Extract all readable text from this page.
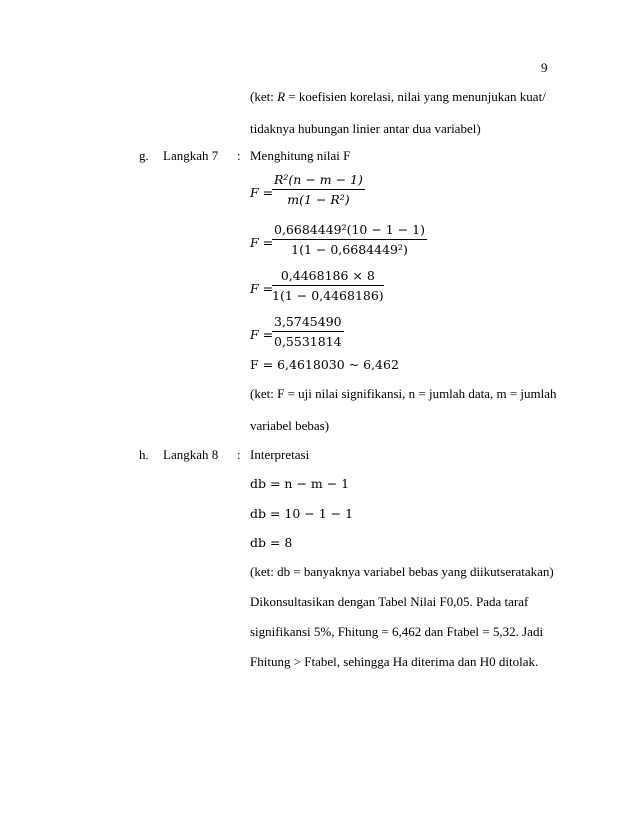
9
(ket: R = koefisien korelasi, nilai yang menunjukan kuat/
tidaknya hubungan linier antar dua variabel)
g. Langkah 7 : Menghitung nilai F
F =
R²(n − m − 1)
m(1 − R²)
F =
0,6684449²(10 − 1 − 1)
1(1 − 0,6684449²)
F =
0,4468186 × 8
1(1 − 0,4468186)
F =
3,5745490
0,5531814
F = 6,4618030 ~ 6,462
(ket: F = uji nilai signifikansi, n = jumlah data, m = jumlah
variabel bebas)
h. Langkah 8 : Interpretasi
db = n − m − 1
db = 10 − 1 − 1
db = 8
(ket: db = banyaknya variabel bebas yang diikutseratakan)
Dikonsultasikan dengan Tabel Nilai F0,05. Pada taraf
signifikansi 5%, Fhitung = 6,462 dan Ftabel = 5,32. Jadi
Fhitung > Ftabel, sehingga Ha diterima dan H0 ditolak.
